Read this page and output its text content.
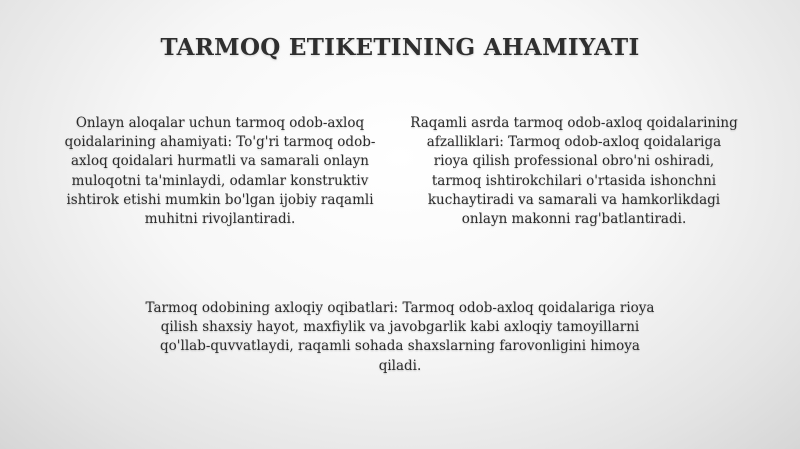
TARMOQ ETIKETINING AHAMIYATI
Onlayn aloqalar uchun tarmoq odob-axloq qoidalarining ahamiyati: To'g'ri tarmoq odob-axloq qoidalari hurmatli va samarali onlayn muloqotni ta'minlaydi, odamlar konstruktiv ishtirok etishi mumkin bo'lgan ijobiy raqamli muhitni rivojlantiradi.
Raqamli asrda tarmoq odob-axloq qoidalarining afzalliklari: Tarmoq odob-axloq qoidalariga rioya qilish professional obro'ni oshiradi, tarmoq ishtirokchilari o'rtasida ishonchni kuchaytiradi va samarali va hamkorlikdagi onlayn makonni rag'batlantiradi.
Tarmoq odobining axloqiy oqibatlari: Tarmoq odob-axloq qoidalariga rioya qilish shaxsiy hayot, maxfiylik va javobgarlik kabi axloqiy tamoyillarni qo'llab-quvvatlaydi, raqamli sohada shaxslarning farovonligini himoya qiladi.
